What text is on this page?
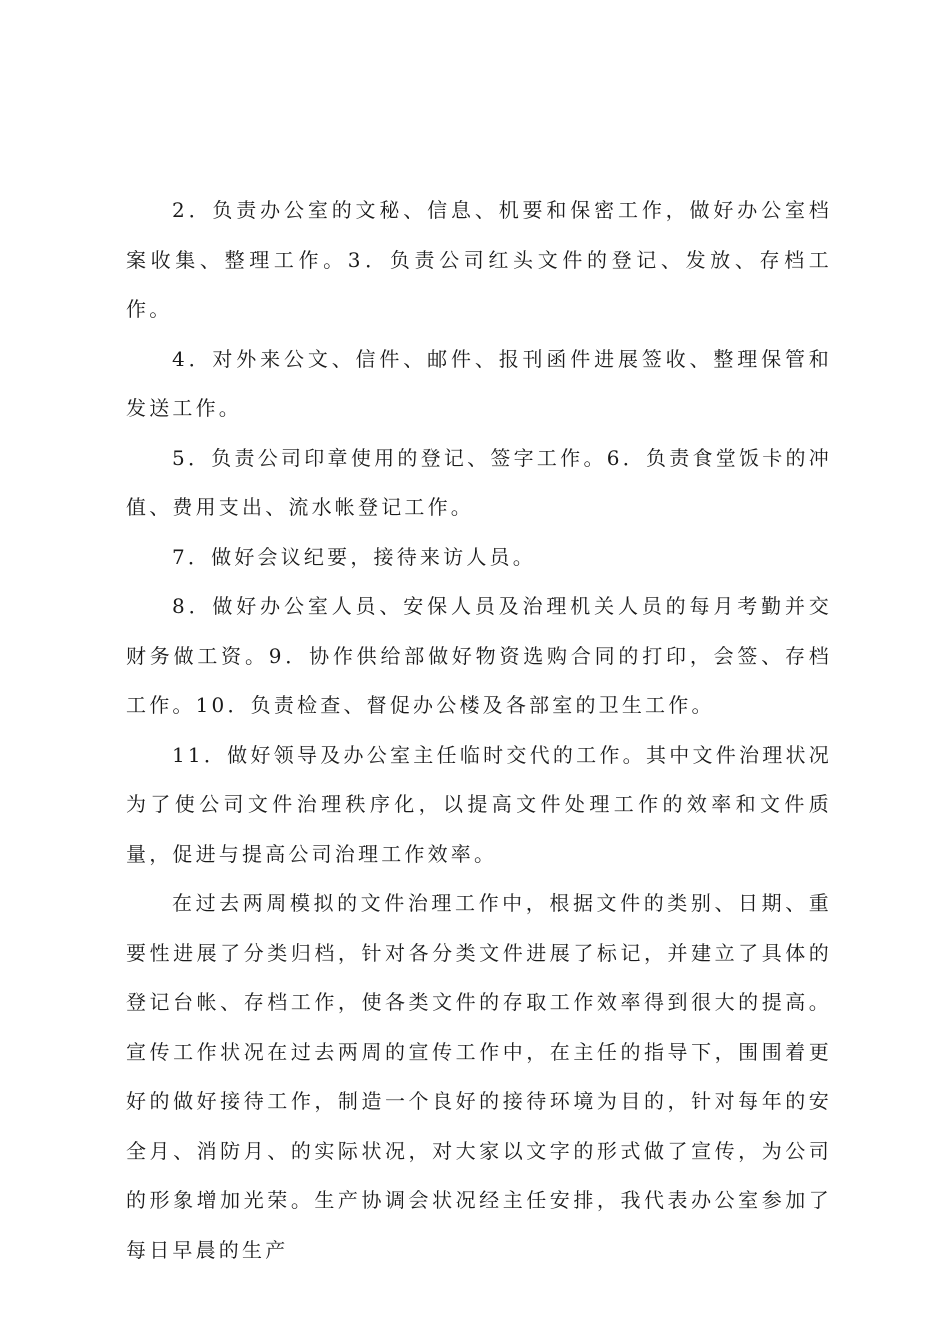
2．负责办公室的文秘、信息、机要和保密工作，做好办公室档案收集、整理工作。3．负责公司红头文件的登记、发放、存档工作。

4．对外来公文、信件、邮件、报刊函件进展签收、整理保管和发送工作。

5．负责公司印章使用的登记、签字工作。6．负责食堂饭卡的冲值、费用支出、流水帐登记工作。

7．做好会议纪要，接待来访人员。

8．做好办公室人员、安保人员及治理机关人员的每月考勤并交财务做工资。9．协作供给部做好物资选购合同的打印，会签、存档工作。10．负责检查、督促办公楼及各部室的卫生工作。

11．做好领导及办公室主任临时交代的工作。其中文件治理状况为了使公司文件治理秩序化，以提高文件处理工作的效率和文件质量，促进与提高公司治理工作效率。

在过去两周模拟的文件治理工作中，根据文件的类别、日期、重要性进展了分类归档，针对各分类文件进展了标记，并建立了具体的登记台帐、存档工作，使各类文件的存取工作效率得到很大的提高。宣传工作状况在过去两周的宣传工作中，在主任的指导下，围围着更好的做好接待工作，制造一个良好的接待环境为目的，针对每年的安全月、消防月、的实际状况，对大家以文字的形式做了宣传，为公司的形象增加光荣。生产协调会状况经主任安排，我代表办公室参加了每日早晨的生产
